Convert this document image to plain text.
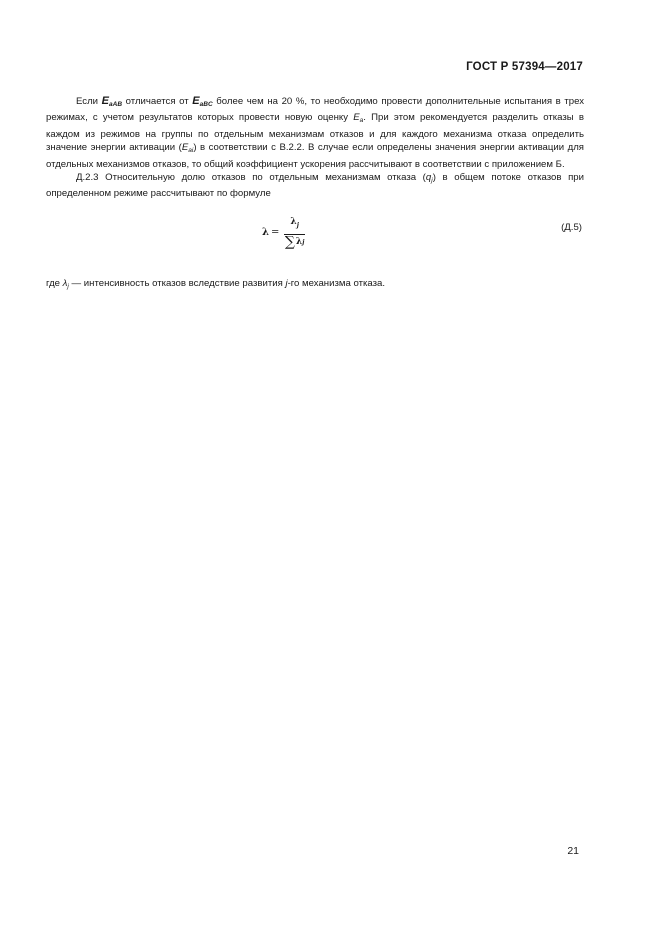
ГОСТ Р 57394—2017

Если $E_{aAB}$ отличается от $E_{aBC}$ более чем на 20 %, то необходимо провести дополнительные испытания в трех режимах, с учетом результатов которых провести новую оценку $E_a$. При этом рекомендуется разделить отказы в каждом из режимов на группы по отдельным механизмам отказов и для каждого механизма отказа определить значение энергии активации $(E_{ai})$ в соответствии с В.2.2. В случае если определены значения энергии активации для отдельных механизмов отказов, то общий коэффициент ускорения рассчитывают в соответствии с приложением Б.

Д.2.3 Относительную долю отказов по отдельным механизмам отказа $(q_j)$ в общем потоке отказов при определенном режиме рассчитывают по формуле

$\lambda = \frac{\lambda_j}{\text{∑ λ j}}$	(Д.5)

где $\lambda_j$ — интенсивность отказов вследствие развития j-го механизма отказа.

21
